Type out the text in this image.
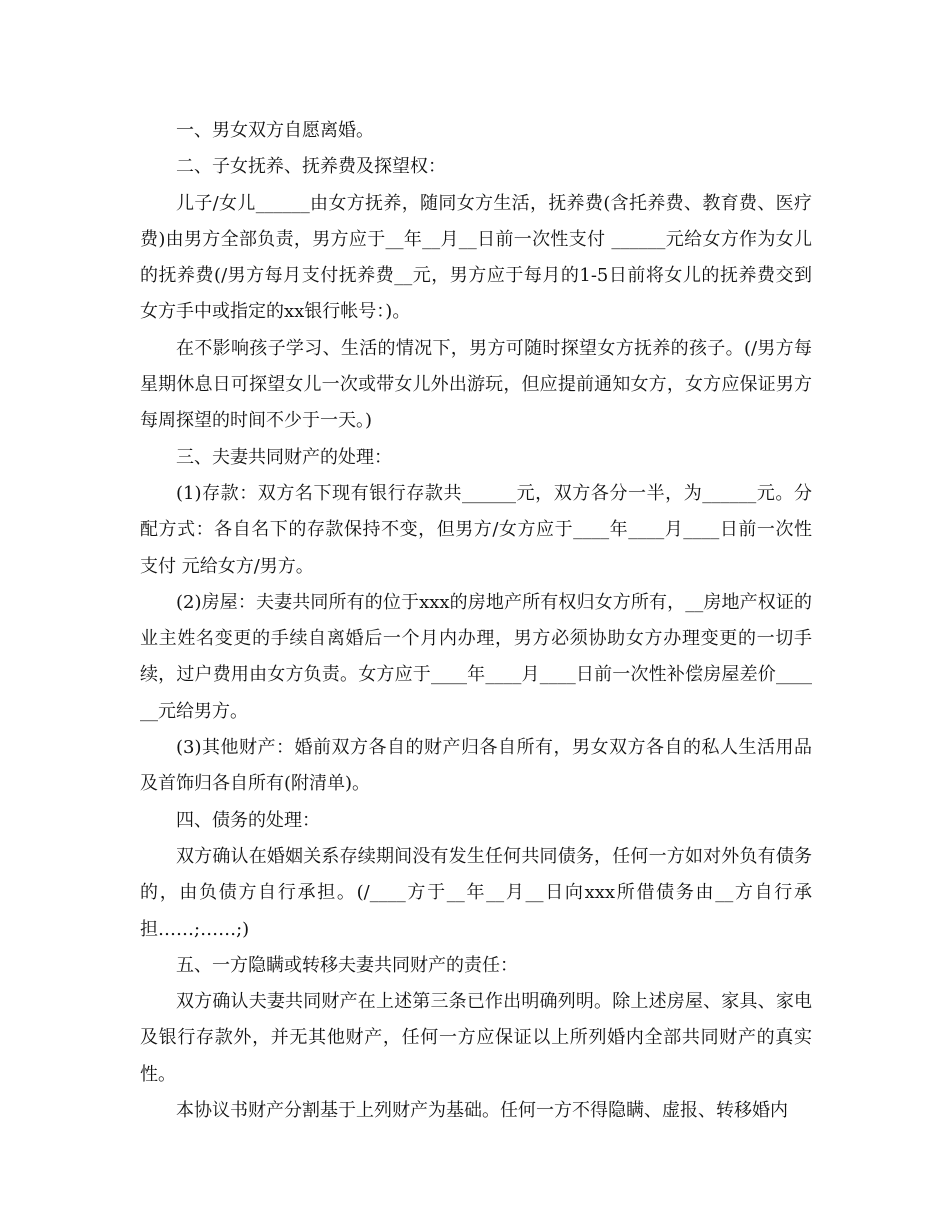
一、男女双方自愿离婚。

二、子女抚养、抚养费及探望权：

儿子/女儿______由女方抚养，随同女方生活，抚养费(含托养费、教育费、医疗费)由男方全部负责，男方应于__年__月__日前一次性支付 ______元给女方作为女儿的抚养费(/男方每月支付抚养费__元，男方应于每月的1-5日前将女儿的抚养费交到女方手中或指定的xx银行帐号：)。

在不影响孩子学习、生活的情况下，男方可随时探望女方抚养的孩子。(/男方每星期休息日可探望女儿一次或带女儿外出游玩，但应提前通知女方，女方应保证男方每周探望的时间不少于一天。)

三、夫妻共同财产的处理：

(1)存款：双方名下现有银行存款共______元，双方各分一半，为______元。分配方式：各自名下的存款保持不变，但男方/女方应于____年____月____日前一次性支付 元给女方/男方。

(2)房屋：夫妻共同所有的位于xxx的房地产所有权归女方所有，__房地产权证的业主姓名变更的手续自离婚后一个月内办理，男方必须协助女方办理变更的一切手续，过户费用由女方负责。女方应于____年____月____日前一次性补偿房屋差价______元给男方。

(3)其他财产：婚前双方各自的财产归各自所有，男女双方各自的私人生活用品及首饰归各自所有(附清单)。

四、债务的处理：

双方确认在婚姻关系存续期间没有发生任何共同债务，任何一方如对外负有债务的，由负债方自行承担。(/____方于__年__月__日向xxx所借债务由__方自行承担……;……;)

五、一方隐瞒或转移夫妻共同财产的责任：

双方确认夫妻共同财产在上述第三条已作出明确列明。除上述房屋、家具、家电及银行存款外，并无其他财产，任何一方应保证以上所列婚内全部共同财产的真实性。

本协议书财产分割基于上列财产为基础。任何一方不得隐瞒、虚报、转移婚内
